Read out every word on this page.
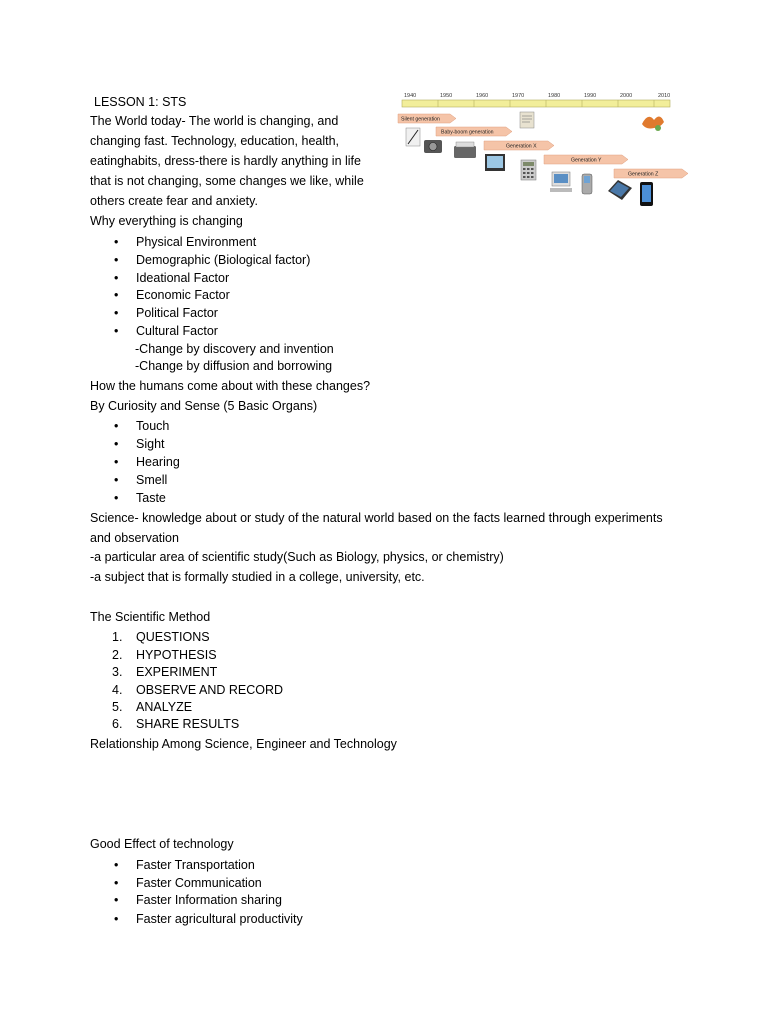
LESSON 1: STS
The World today- The world is changing, and
changing fast. Technology, education, health,
eatinghabits, dress-there is hardly anything in life
that is not changing, some changes we like, while
others create fear and anxiety.
Why everything is changing
• Physical Environment
• Demographic (Biological factor)
• Ideational Factor
• Economic Factor
• Political Factor
• Cultural Factor
-Change by discovery and invention
-Change by diffusion and borrowing
How the humans come about with these changes?
By Curiosity and Sense (5 Basic Organs)
• Touch
• Sight
• Hearing
• Smell
• Taste
Science- knowledge about or study of the natural world based on the facts learned through experiments
and observation
-a particular area of scientific study(Such as Biology, physics, or chemistry)
-a subject that is formally studied in a college, university, etc.
The Scientific Method
1. QUESTIONS
2. HYPOTHESIS
3. EXPERIMENT
4. OBSERVE AND RECORD
5. ANALYZE
6. SHARE RESULTS
Relationship Among Science, Engineer and Technology
Good Effect of technology
• Faster Transportation
• Faster Communication
• Faster Information sharing
• Faster agricultural productivity
1940	1950	1960	1970	1980	1990	2000	2010
Silent generation
Baby-boom generation
Generation X
Generation Y
Generation Z
